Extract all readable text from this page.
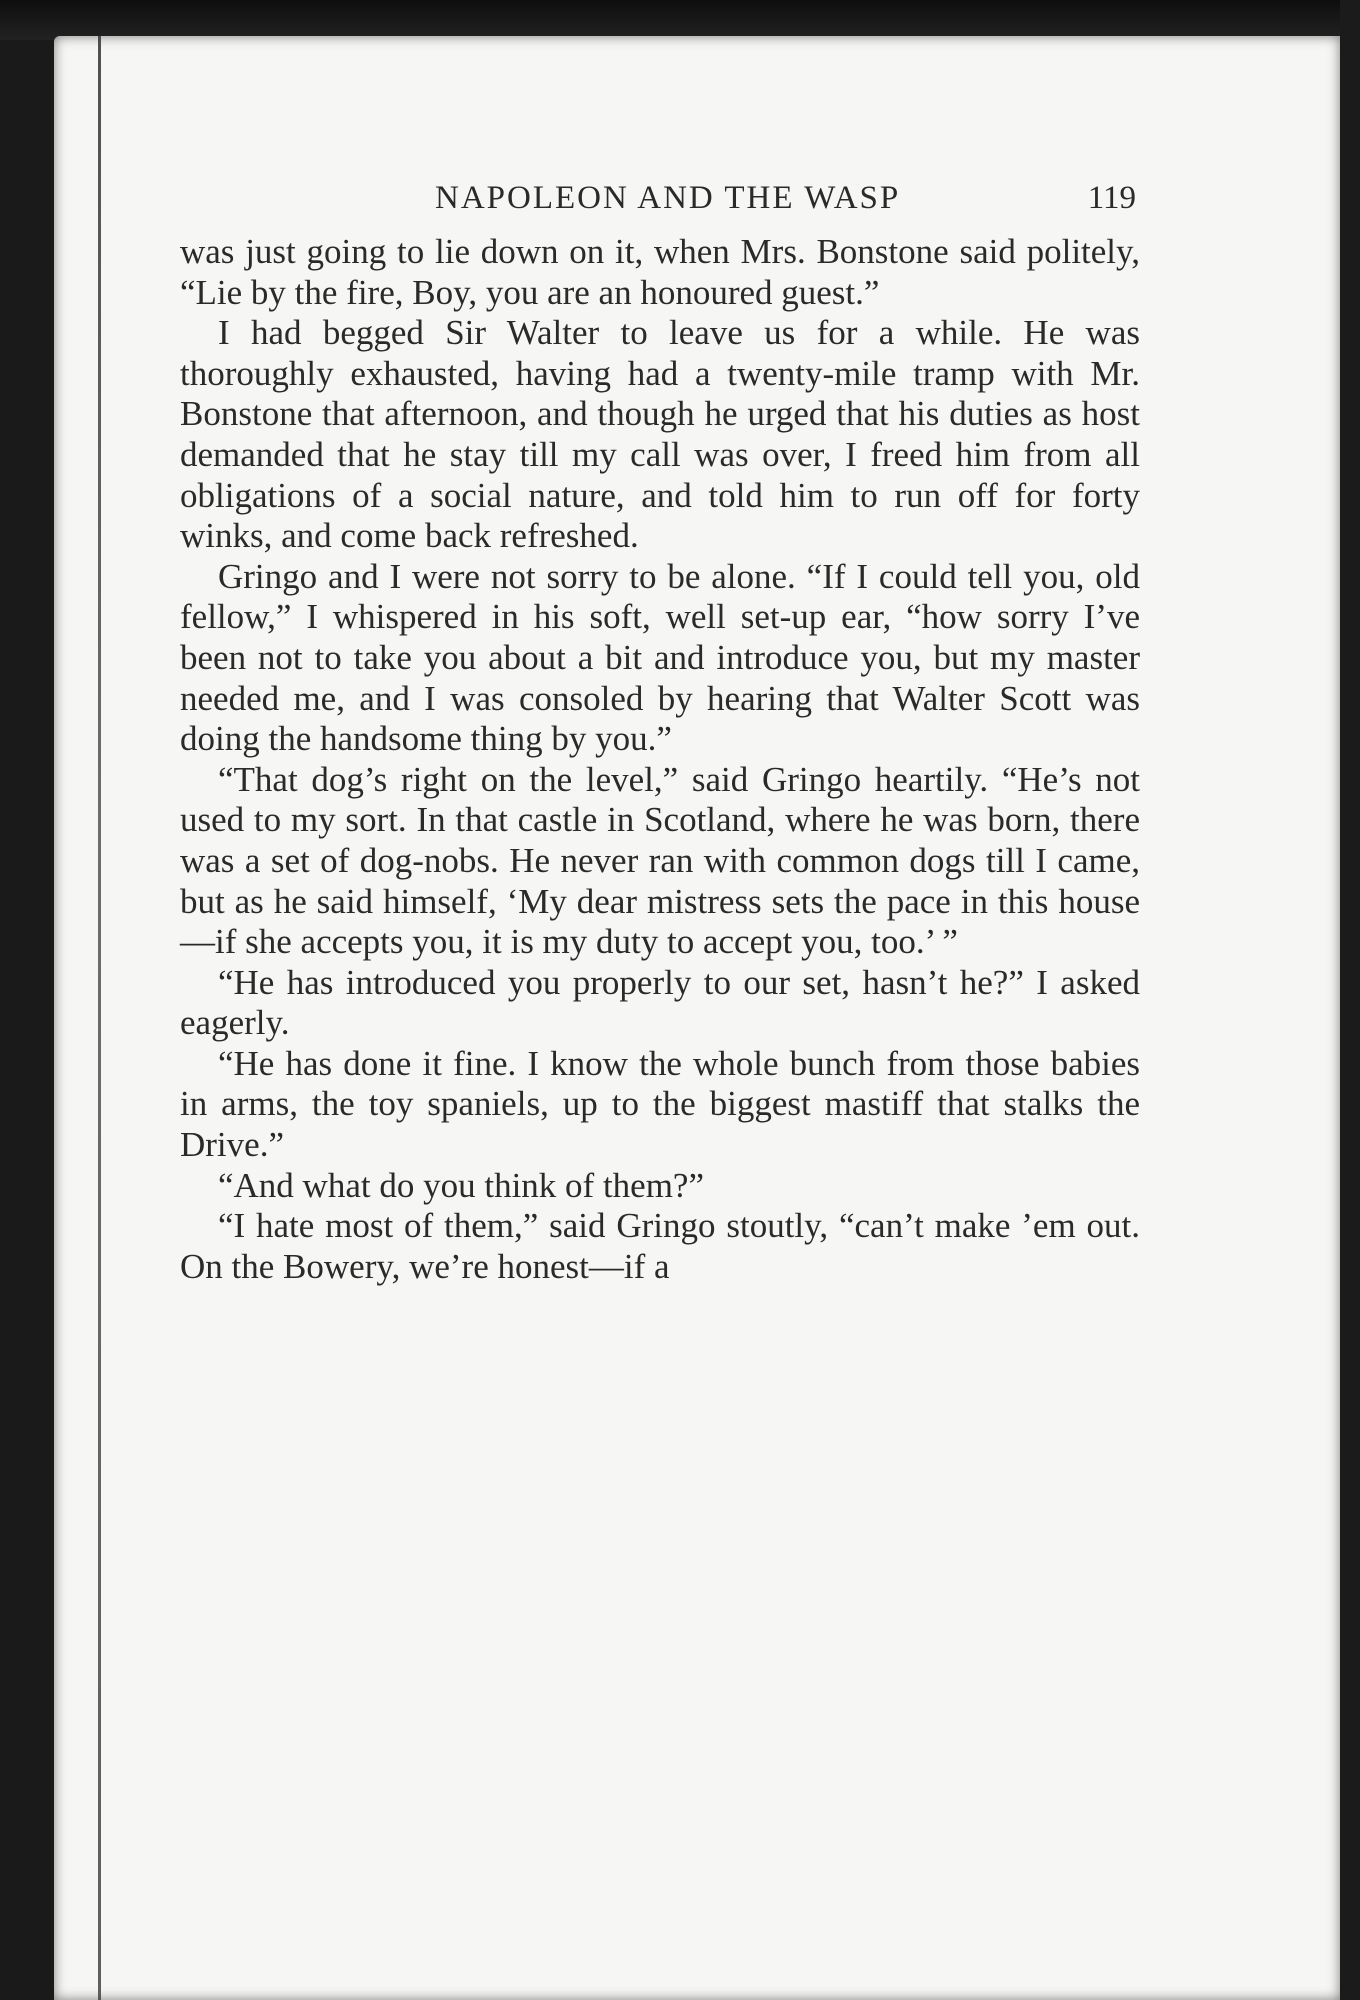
NAPOLEON AND THE WASP	119

was just going to lie down on it, when Mrs. Bonstone said politely, “Lie by the fire, Boy, you are an honoured guest.”

I had begged Sir Walter to leave us for a while. He was thoroughly exhausted, having had a twenty-mile tramp with Mr. Bonstone that afternoon, and though he urged that his duties as host demanded that he stay till my call was over, I freed him from all obligations of a social nature, and told him to run off for forty winks, and come back refreshed.

Gringo and I were not sorry to be alone. “If I could tell you, old fellow,” I whispered in his soft, well set-up ear, “how sorry I’ve been not to take you about a bit and introduce you, but my master needed me, and I was consoled by hearing that Walter Scott was doing the handsome thing by you.”

“That dog’s right on the level,” said Gringo heartily. “He’s not used to my sort. In that castle in Scotland, where he was born, there was a set of dog-nobs. He never ran with common dogs till I came, but as he said himself, ‘My dear mistress sets the pace in this house—if she accepts you, it is my duty to accept you, too.’ ”

“He has introduced you properly to our set, hasn’t he?” I asked eagerly.

“He has done it fine. I know the whole bunch from those babies in arms, the toy spaniels, up to the biggest mastiff that stalks the Drive.”

“And what do you think of them?”

“I hate most of them,” said Gringo stoutly, “can’t make ’em out. On the Bowery, we’re honest—if a
